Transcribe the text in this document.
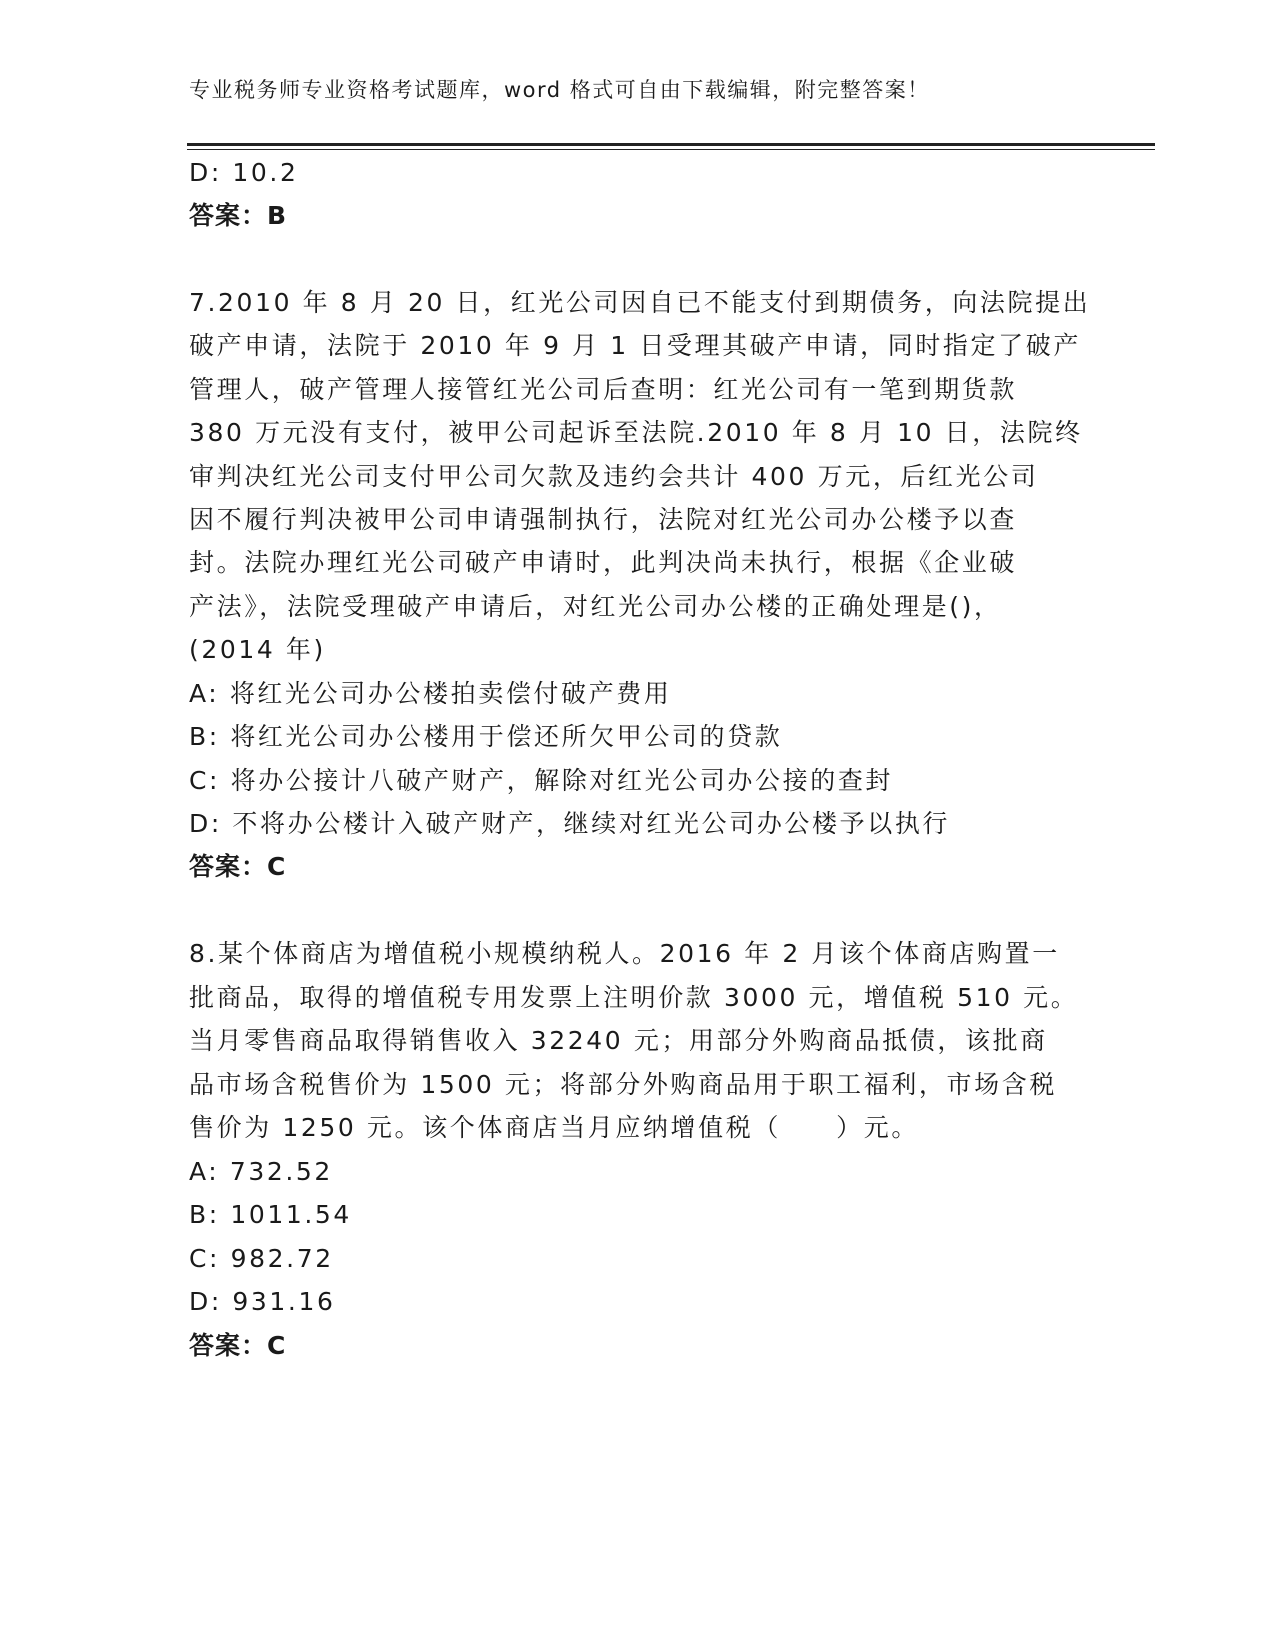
专业税务师专业资格考试题库，word 格式可自由下载编辑，附完整答案！
D: 10.2
答案：B
7.2010 年 8 月 20 日，红光公司因自已不能支付到期债务，向法院提出
破产申请，法院于 2010 年 9 月 1 日受理其破产申请，同时指定了破产
管理人，破产管理人接管红光公司后查明：红光公司有一笔到期货款
380 万元没有支付，被甲公司起诉至法院.2010 年 8 月 10 日，法院终
审判决红光公司支付甲公司欠款及违约会共计 400 万元，后红光公司
因不履行判决被甲公司申请强制执行，法院对红光公司办公楼予以查
封。法院办理红光公司破产申请时，此判决尚未执行，根据《企业破
产法》，法院受理破产申请后，对红光公司办公楼的正确处理是()，
(2014 年)
A: 将红光公司办公楼拍卖偿付破产费用
B: 将红光公司办公楼用于偿还所欠甲公司的贷款
C: 将办公接计八破产财产，解除对红光公司办公接的查封
D: 不将办公楼计入破产财产，继续对红光公司办公楼予以执行
答案：C
8.某个体商店为增值税小规模纳税人。2016 年 2 月该个体商店购置一
批商品，取得的增值税专用发票上注明价款 3000 元，增值税 510 元。
当月零售商品取得销售收入 32240 元；用部分外购商品抵债，该批商
品市场含税售价为 1500 元；将部分外购商品用于职工福利，市场含税
售价为 1250 元。该个体商店当月应纳增值税（　　）元。
A: 732.52
B: 1011.54
C: 982.72
D: 931.16
答案：C
